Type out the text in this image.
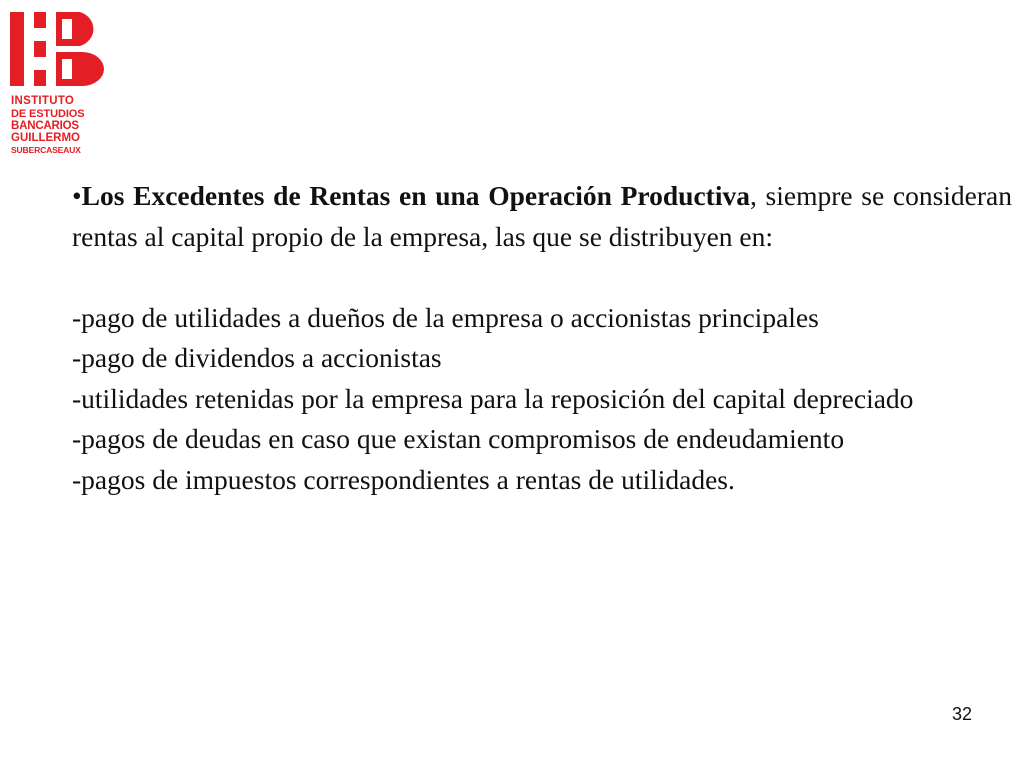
INSTITUTO
DE ESTUDIOS
BANCARIOS
GUILLERMO
SUBERCASEAUX

•Los Excedentes de Rentas en una Operación Productiva, siempre se consideran rentas al capital propio de la empresa, las que se distribuyen en:

-pago de utilidades a dueños de la empresa o accionistas principales

-pago de dividendos a accionistas

-utilidades retenidas por la empresa para la reposición del capital depreciado

-pagos de deudas en caso que existan compromisos de endeudamiento

-pagos de impuestos correspondientes a rentas de utilidades.

32
